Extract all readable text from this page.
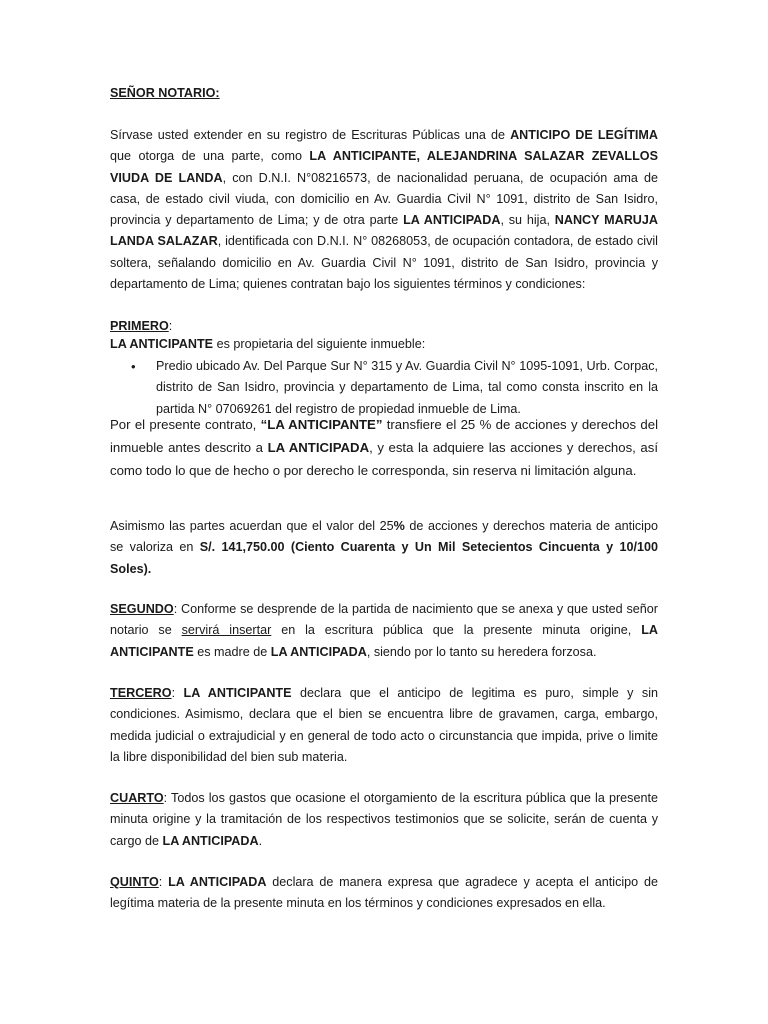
SEÑOR NOTARIO:

Sírvase usted extender en su registro de Escrituras Públicas una de ANTICIPO DE LEGÍTIMA que otorga de una parte, como LA ANTICIPANTE, ALEJANDRINA SALAZAR ZEVALLOS VIUDA DE LANDA, con D.N.I. N°08216573, de nacionalidad peruana, de ocupación ama de casa, de estado civil viuda, con domicilio en Av. Guardia Civil N° 1091, distrito de San Isidro, provincia y departamento de Lima; y de otra parte LA ANTICIPADA, su hija, NANCY MARUJA LANDA SALAZAR, identificada con D.N.I. N° 08268053, de ocupación contadora, de estado civil soltera, señalando domicilio en Av. Guardia Civil N° 1091, distrito de San Isidro, provincia y departamento de Lima; quienes contratan bajo los siguientes términos y condiciones:

PRIMERO:

LA ANTICIPANTE es propietaria del siguiente inmueble:

• Predio ubicado Av. Del Parque Sur N° 315 y Av. Guardia Civil N° 1095-1091, Urb. Corpac, distrito de San Isidro, provincia y departamento de Lima, tal como consta inscrito en la partida N° 07069261 del registro de propiedad inmueble de Lima.

Por el presente contrato, “LA ANTICIPANTE” transfiere el 25 % de acciones y derechos del inmueble antes descrito a LA ANTICIPADA, y esta la adquiere las acciones y derechos, así como todo lo que de hecho o por derecho le corresponda, sin reserva ni limitación alguna.

Asimismo las partes acuerdan que el valor del 25% de acciones y derechos materia de anticipo se valoriza en S/. 141,750.00 (Ciento Cuarenta y Un Mil Setecientos Cincuenta y 10/100 Soles).

SEGUNDO: Conforme se desprende de la partida de nacimiento que se anexa y que usted señor notario se servirá insertar en la escritura pública que la presente minuta origine, LA ANTICIPANTE es madre de LA ANTICIPADA, siendo por lo tanto su heredera forzosa.

TERCERO: LA ANTICIPANTE declara que el anticipo de legitima es puro, simple y sin condiciones. Asimismo, declara que el bien se encuentra libre de gravamen, carga, embargo, medida judicial o extrajudicial y en general de todo acto o circunstancia que impida, prive o limite la libre disponibilidad del bien sub materia.

CUARTO: Todos los gastos que ocasione el otorgamiento de la escritura pública que la presente minuta origine y la tramitación de los respectivos testimonios que se solicite, serán de cuenta y cargo de LA ANTICIPADA.

QUINTO: LA ANTICIPADA declara de manera expresa que agradece y acepta el anticipo de legítima materia de la presente minuta en los términos y condiciones expresados en ella.
